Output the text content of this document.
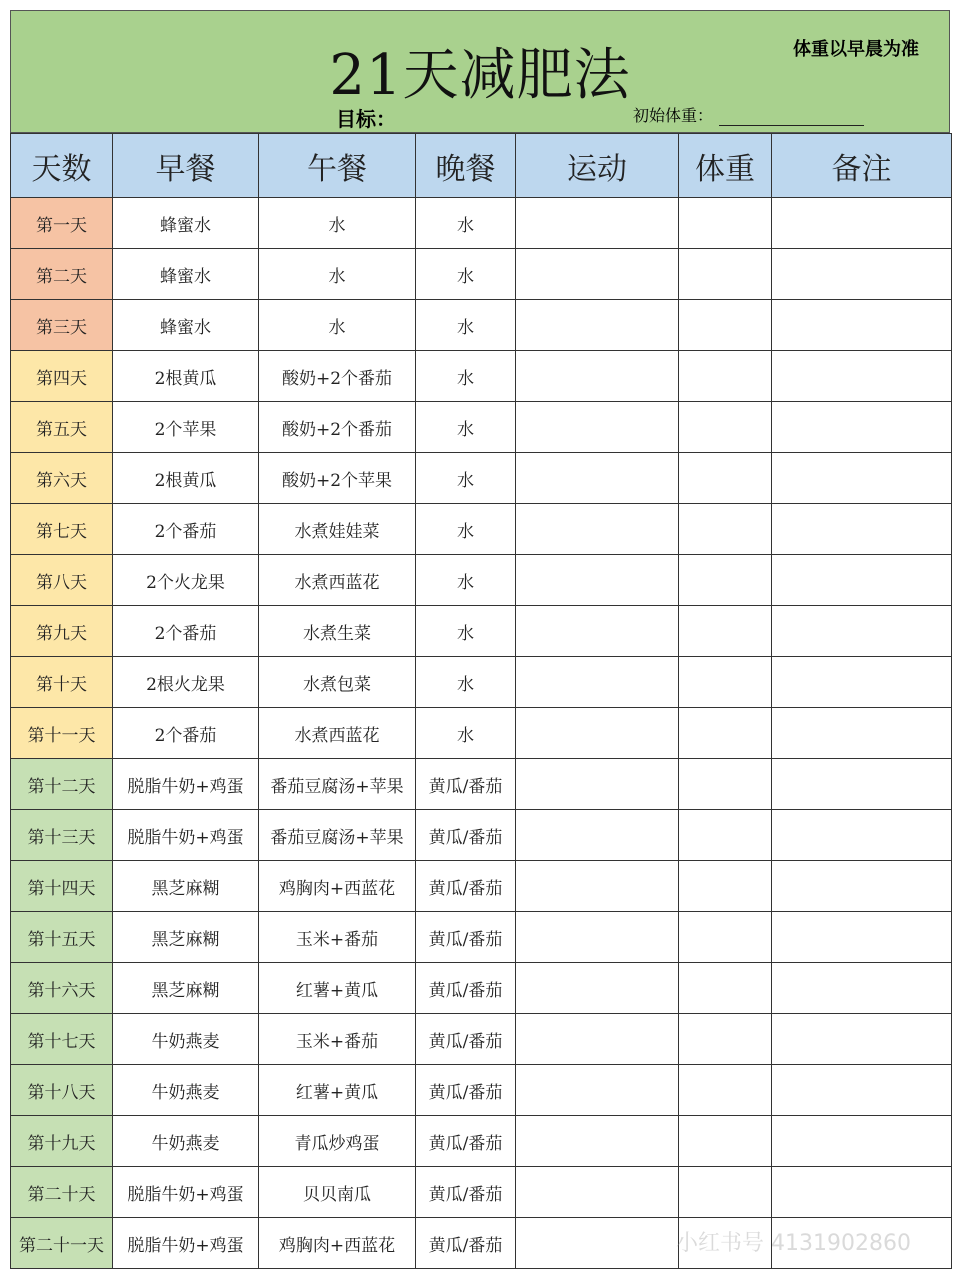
21天减肥法	体重以早晨为准
目标：	初始体重：
天数	早餐	午餐	晚餐	运动	体重	备注
第一天	蜂蜜水	水	水			
第二天	蜂蜜水	水	水			
第三天	蜂蜜水	水	水			
第四天	2根黄瓜	酸奶+2个番茄	水			
第五天	2个苹果	酸奶+2个番茄	水			
第六天	2根黄瓜	酸奶+2个苹果	水			
第七天	2个番茄	水煮娃娃菜	水			
第八天	2个火龙果	水煮西蓝花	水			
第九天	2个番茄	水煮生菜	水			
第十天	2根火龙果	水煮包菜	水			
第十一天	2个番茄	水煮西蓝花	水			
第十二天	脱脂牛奶+鸡蛋	番茄豆腐汤+苹果	黄瓜/番茄			
第十三天	脱脂牛奶+鸡蛋	番茄豆腐汤+苹果	黄瓜/番茄			
第十四天	黑芝麻糊	鸡胸肉+西蓝花	黄瓜/番茄			
第十五天	黑芝麻糊	玉米+番茄	黄瓜/番茄			
第十六天	黑芝麻糊	红薯+黄瓜	黄瓜/番茄			
第十七天	牛奶燕麦	玉米+番茄	黄瓜/番茄			
第十八天	牛奶燕麦	红薯+黄瓜	黄瓜/番茄			
第十九天	牛奶燕麦	青瓜炒鸡蛋	黄瓜/番茄			
第二十天	脱脂牛奶+鸡蛋	贝贝南瓜	黄瓜/番茄			
第二十一天	脱脂牛奶+鸡蛋	鸡胸肉+西蓝花	黄瓜/番茄				小红书号 4131902860
